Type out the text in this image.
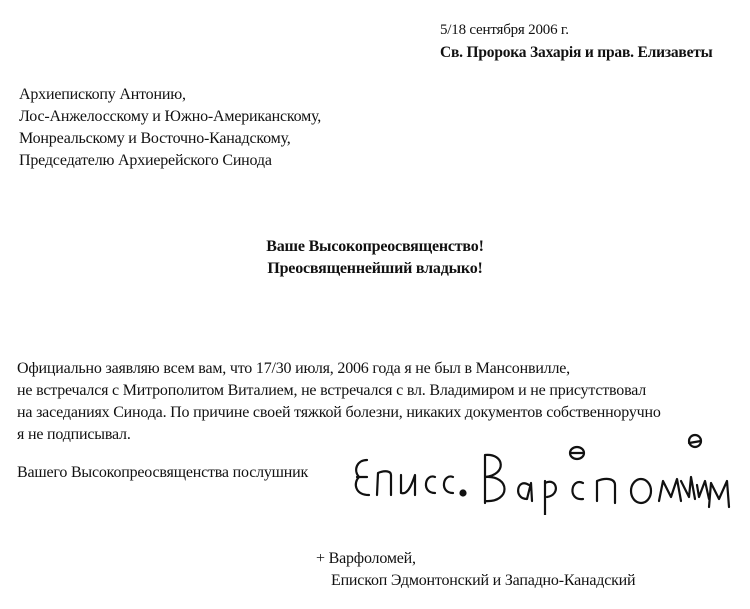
5/18 сентября 2006 г.
Св. Пророка Захарiя и прав. Елизаветы
Архиепископу Антонию,
Лос-Анжелосскому и Южно-Американскому,
Монреальскому и Восточно-Канадскому,
Председателю Архиерейского Синода
Ваше Высокопреосвященство!
Преосвященнейший владыко!
Официально заявляю всем вам, что 17/30 июля, 2006 года я не был в Мансонвилле,
не встречался с Митрополитом Виталием, не встречался с вл. Владимиром и не присутствовал
на заседаниях Синода. По причине своей тяжкой болезни, никаких документов собственноручно
я не подписывал.
Вашего Высокопреосвященства послушник
+ Варфоломей,
Епископ Эдмонтонский и Западно-Канадский
